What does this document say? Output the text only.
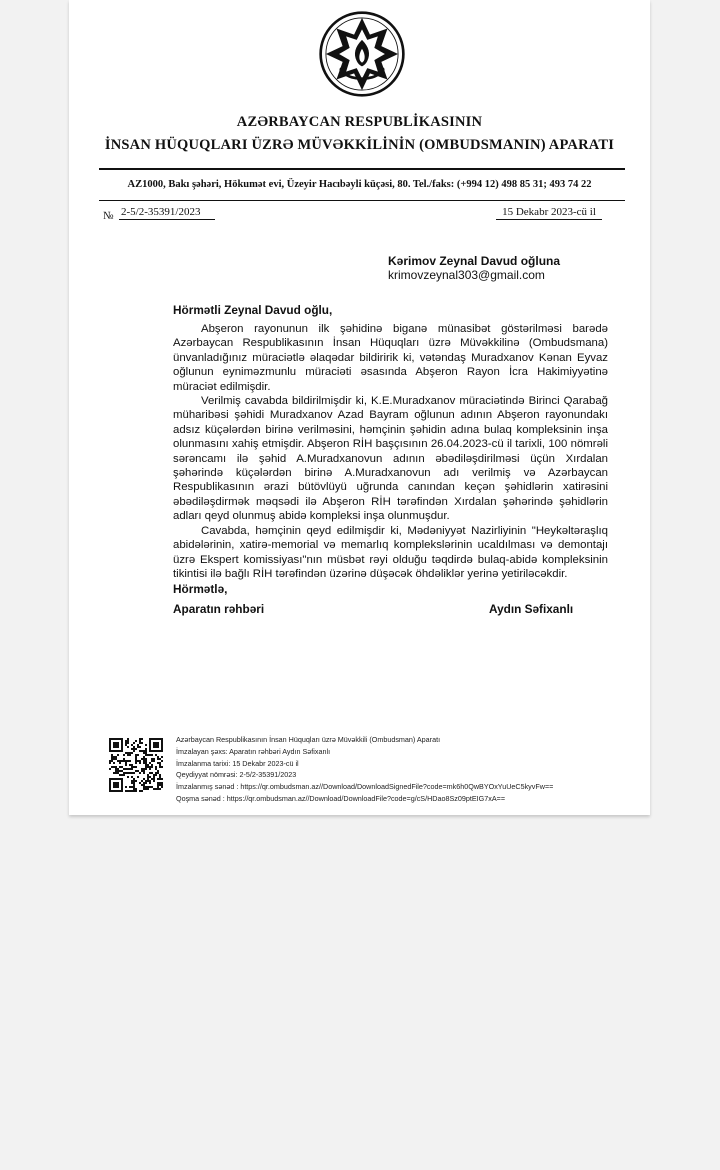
AZƏRBAYCAN RESPUBLİKASININ
İNSAN HÜQUQLARI ÜZRƏ MÜVƏKKİLİNİN (OMBUDSMANIN) APARATI
AZ1000, Bakı şəhəri, Hökumət evi, Üzeyir Hacıbəyli küçəsi, 80. Tel./faks: (+994 12) 498 85 31; 493 74 22
№ 2-5/2-35391/2023	15 Dekabr 2023-cü il
Kərimov Zeynal Davud oğluna
krimovzeynal303@gmail.com
Hörmətli Zeynal Davud oğlu,

Abşeron rayonunun ilk şəhidinə biganə münasibət göstərilməsi barədə Azərbaycan Respublikasının İnsan Hüquqları üzrə Müvəkkilinə (Ombudsmana) ünvanladığınız müraciətlə əlaqədar bildiririk ki, vətəndaş Muradxanov Kənan Eyvaz oğlunun eyniməzmunlu müraciəti əsasında Abşeron Rayon İcra Hakimiyyətinə müraciət edilmişdir.

Verilmiş cavabda bildirilmişdir ki, K.E.Muradxanov müraciətində Birinci Qarabağ müharibəsi şəhidi Muradxanov Azad Bayram oğlunun adının Abşeron rayonundakı adsız küçələrdən birinə verilməsini, həmçinin şəhidin adına bulaq kompleksinin inşa olunmasını xahiş etmişdir. Abşeron RİH başçısının 26.04.2023-cü il tarixli, 100 nömrəli sərəncamı ilə şəhid A.Muradxanovun adının əbədiləşdirilməsi üçün Xırdalan şəhərində küçələrdən birinə A.Muradxanovun adı verilmiş və Azərbaycan Respublikasının ərazi bütövlüyü uğrunda canından keçən şəhidlərin xatirəsini əbədiləşdirmək məqsədi ilə Abşeron RİH tərəfindən Xırdalan şəhərində şəhidlərin adları qeyd olunmuş abidə kompleksi inşa olunmuşdur.

Cavabda, həmçinin qeyd edilmişdir ki, Mədəniyyət Nazirliyinin "Heykəltəraşlıq abidələrinin, xatirə-memorial və memarlıq komplekslərinin ucaldılması və demontajı üzrə Ekspert komissiyası"nın müsbət rəyi olduğu təqdirdə bulaq-abidə kompleksinin tikintisi ilə bağlı RİH tərəfindən üzərinə düşəcək öhdəliklər yerinə yetiriləcəkdir.

Hörmətlə,
Aparatın rəhbəri	Aydın Səfixanlı
Azərbaycan Respublikasının İnsan Hüquqları üzrə Müvəkkili (Ombudsman) Aparatı
İmzalayan şəxs: Aparatın rəhbəri Aydın Səfixanlı
İmzalanma tarixi: 15 Dekabr 2023-cü il
Qeydiyyat nömrəsi: 2-5/2-35391/2023
İmzalanmış sənəd : https://qr.ombudsman.az//Download/DownloadSignedFile?code=mk6h0QwBYOxYuUeC5kyvFw==
Qoşma sənəd : https://qr.ombudsman.az//Download/DownloadFile?code=g/cS/HDao8Sz09ptEIG7xA==
